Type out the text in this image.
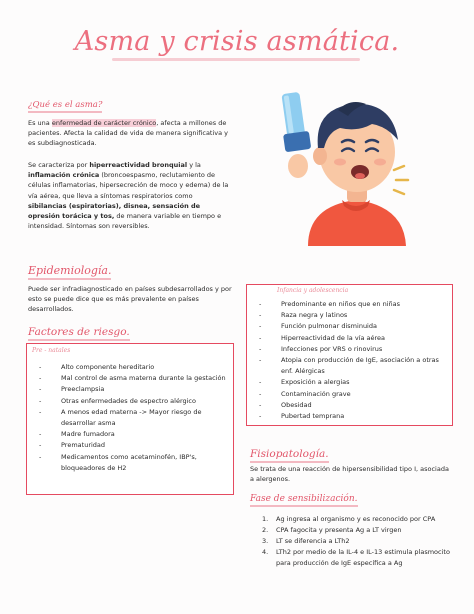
Asma y crisis asmática.
¿Qué es el asma?
Es una enfermedad de carácter crónico, afecta a millones de pacientes. Afecta la calidad de vida de manera significativa y es subdiagnosticada.
Se caracteriza por hiperreactividad bronquial y la inflamación crónica (broncoespasmo, reclutamiento de células inflamatorias, hipersecreción de moco y edema) de la vía aérea, que lleva a síntomas respiratorios como sibilancias (espiratorias), disnea, sensación de opresión torácica y tos, de manera variable en tiempo e intensidad. Síntomas son reversibles.
Epidemiología.
Puede ser infradiagnosticado en países subdesarrollados y por esto se puede dice que es más prevalente en países desarrollados.
Factores de riesgo.
Pre - natales
-	Alto componente hereditario
-	Mal control de asma materna durante la gestación
-	Preeclampsia
-	Otras enfermedades de espectro alérgico
-	A menos edad materna -> Mayor riesgo de desarrollar asma
-	Madre fumadora
-	Prematuridad
-	Medicamentos como acetaminofén, IBP's, bloqueadores de H2
Infancia y adolescencia
-	Predominante en niños que en niñas
-	Raza negra y latinos
-	Función pulmonar disminuida
-	Hiperreactividad de la vía aérea
-	Infecciones por VRS o rinovirus
-	Atopia con producción de IgE, asociación a otras enf. Alérgicas
-	Exposición a alergias
-	Contaminación grave
-	Obesidad
-	Pubertad temprana
Fisiopatología.
Se trata de una reacción de hipersensibilidad tipo I, asociada a alergenos.
Fase de sensibilización.
1.	Ag ingresa al organismo y es reconocido por CPA
2.	CPA fagocita y presenta Ag a LT virgen
3.	LT se diferencia a LTh2
4.	LTh2 por medio de la IL-4 e IL-13 estimula plasmocito para producción de IgE específica a Ag
